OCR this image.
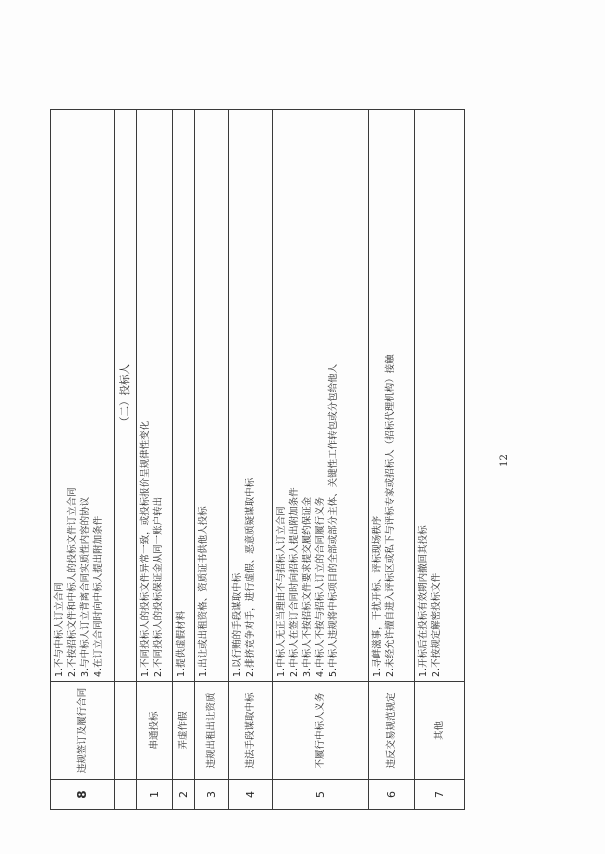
8	违规签订及履行合同	1.不与中标人订立合同 2.不按招标文件和中标人的投标文件订立合同 3.与中标人订立背离合同实质性内容的协议 4.在订立合同时向中标人提出附加条件

		（二）投标人
1	串通投标	1.不同投标人的投标文件异常一致，或投标报价呈规律性变化 2.不同投标人的投标保证金从同一账户转出

2	弄虚作假	1.提供虚假材料

3	违规出租出让资质	1.出让或出租资格、资质证书供他人投标

4	违法手段谋取中标	1.以行贿的手段谋取中标 2.排挤竞争对手，进行虚假、恶意质疑谋取中标

5	不履行中标人义务	1.中标人无正当理由不与招标人订立合同 2.中标人在签订合同时向招标人提出附加条件 3.中标人不按招标文件要求提交履约保证金 4.中标人不按与招标人订立的合同履行义务 5.中标人违规将中标项目的全部或部分主体、关键性工作转包或分包给他人

6	违反交易规范规定	1.寻衅滋事，干扰开标、评标现场秩序 2.未经允许擅自进入评标区或私下与评标专家或招标人（招标代理机构）接触

7	其他	1.开标后在投标有效期内撤回其投标 2.不按规定解密投标文件
12
